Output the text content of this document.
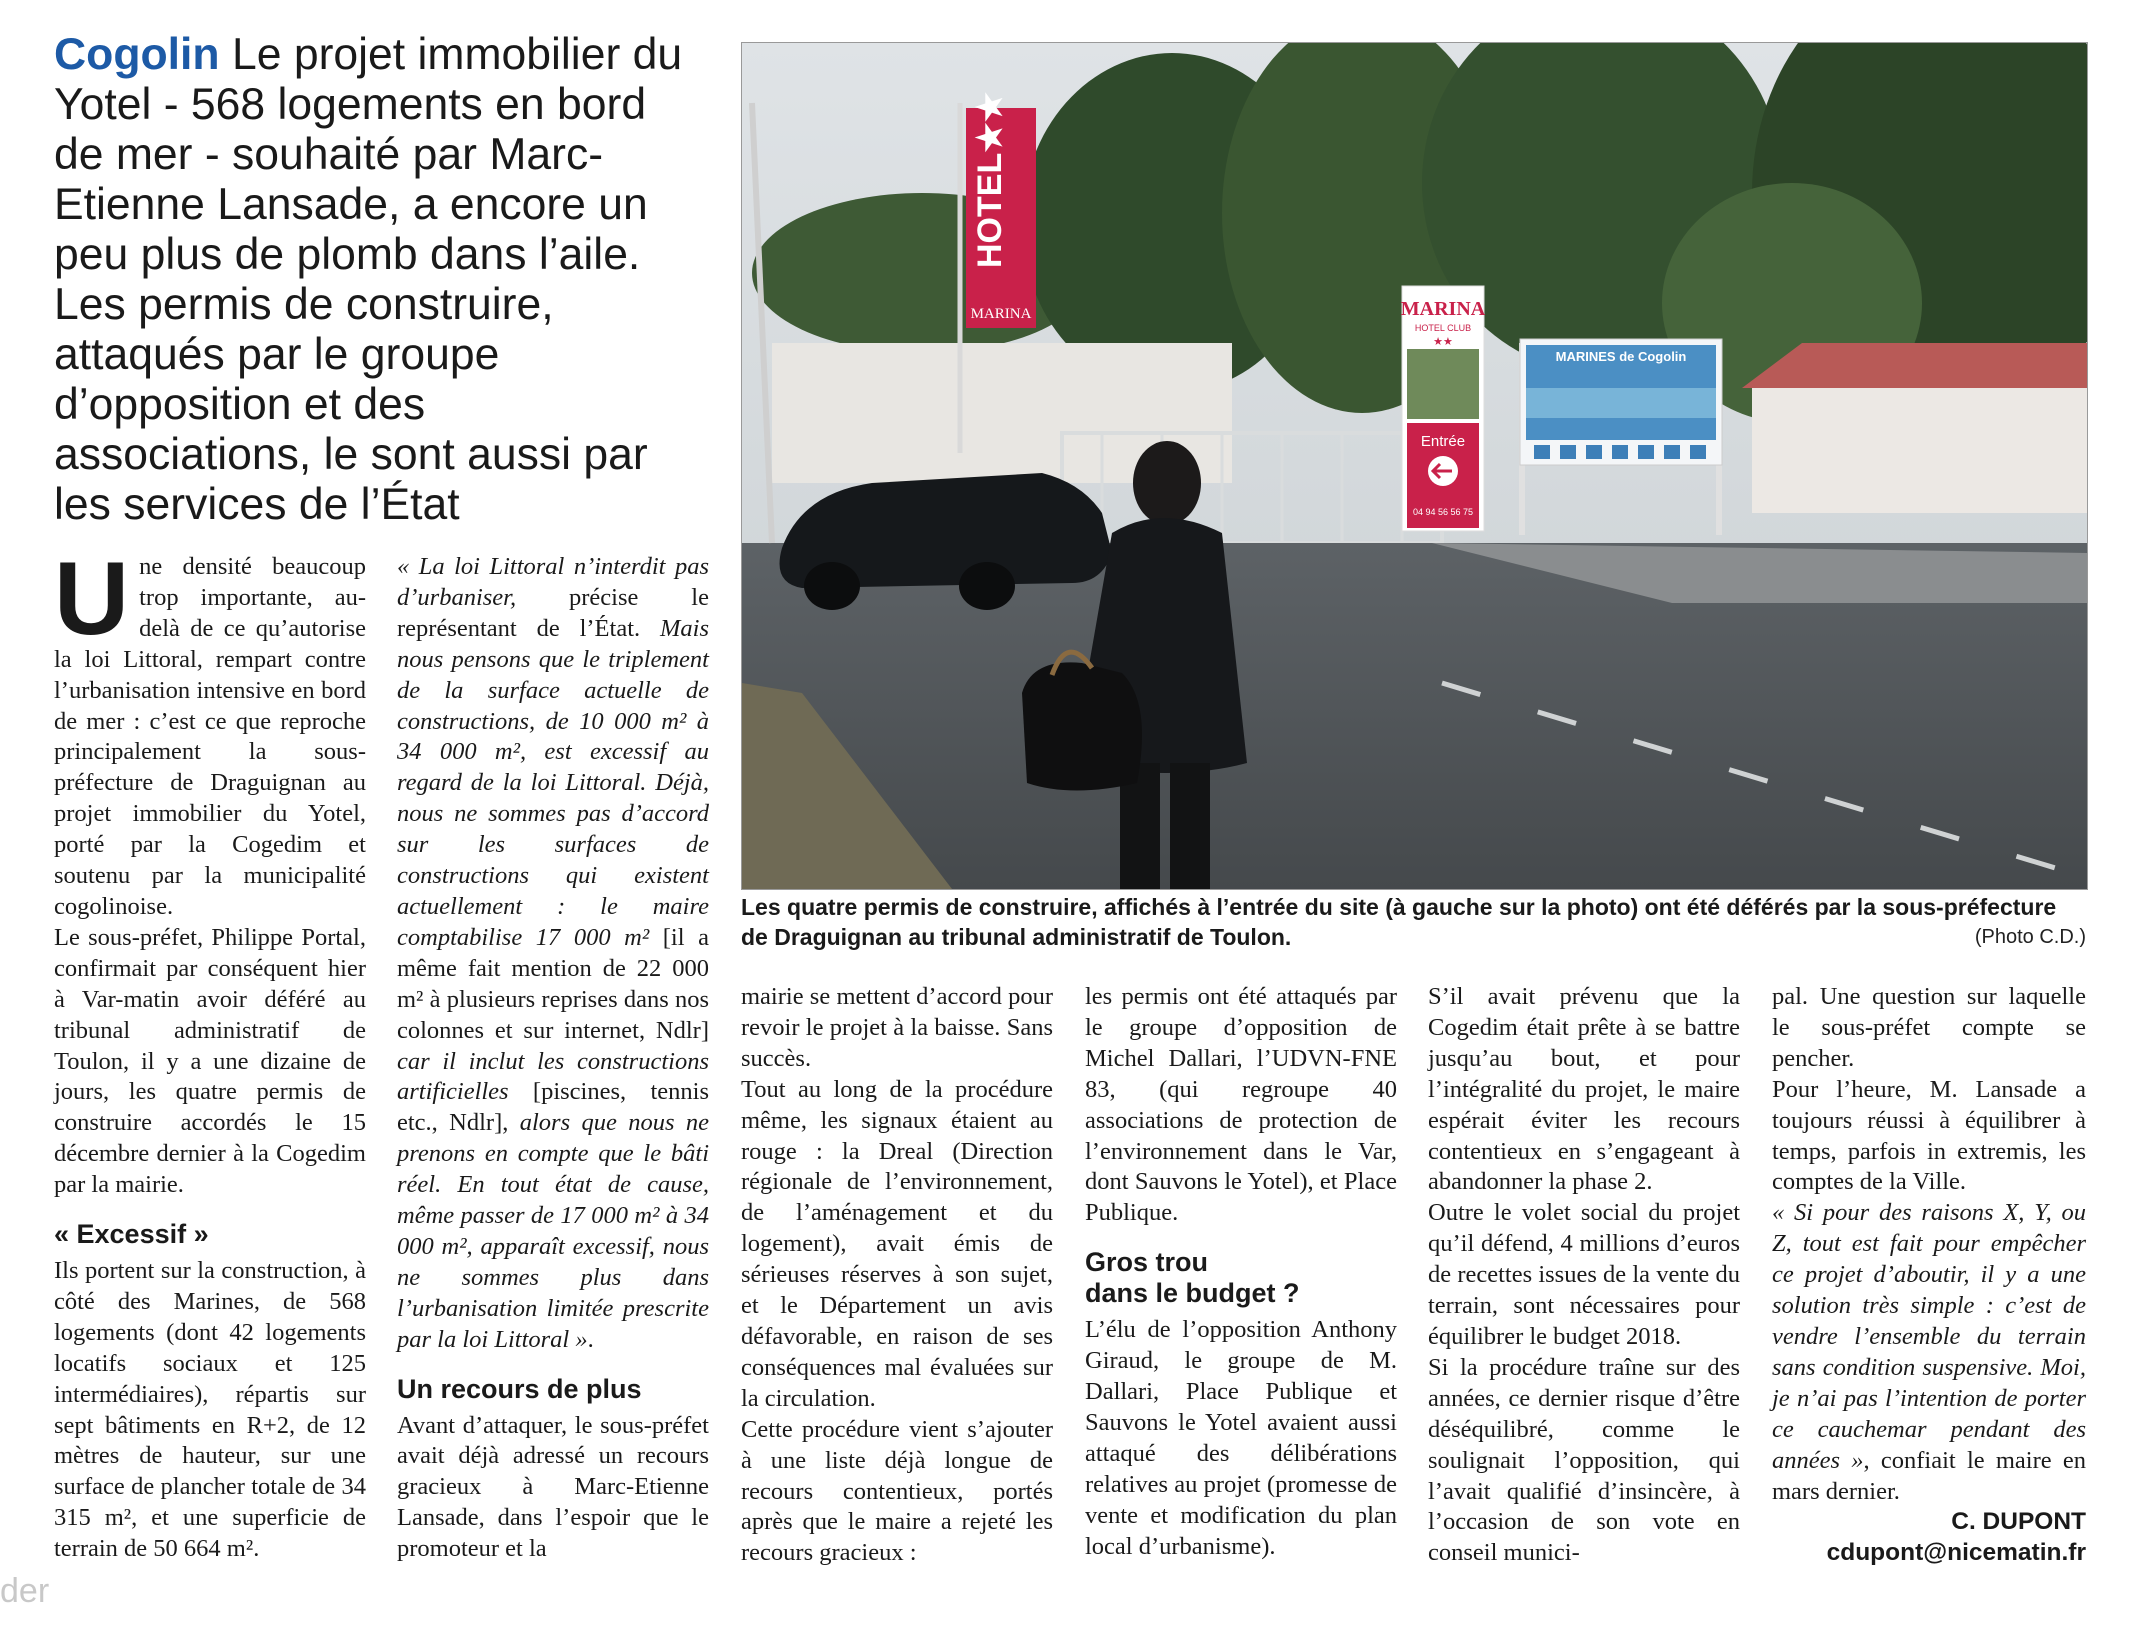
Cogolin Le projet immobilier du Yotel - 568 logements en bord de mer - souhaité par Marc-Etienne Lansade, a encore un peu plus de plomb dans l’aile. Les permis de construire, attaqués par le groupe d’opposition et des associations, le sont aussi par les services de l’État
HOTEL★★
MARINA	MARINA
HOTEL CLUB
★★
Entrée
04 94 56 56 75
MARINES de Cogolin
Les quatre permis de construire, affichés à l’entrée du site (à gauche sur la photo) ont été déférés par la sous-préfecture de Draguignan au tribunal administratif de Toulon.	(Photo C.D.)

Une densité beaucoup trop importante, au-delà de ce qu’autorise la loi Littoral, rempart contre l’urbanisation intensive en bord de mer : c’est ce que reproche principalement la sous-préfecture de Draguignan au projet immobilier du Yotel, porté par la Cogedim et soutenu par la municipalité cogolinoise.

Le sous-préfet, Philippe Portal, confirmait par conséquent hier à Var-matin avoir déféré au tribunal administratif de Toulon, il y a une dizaine de jours, les quatre permis de construire accordés le 15 décembre dernier à la Cogedim par la mairie.

« Excessif »

Ils portent sur la construction, à côté des Marines, de 568 logements (dont 42 logements locatifs sociaux et 125 intermédiaires), répartis sur sept bâtiments en R+2, de 12 mètres de hauteur, sur une surface de plancher totale de 34 315 m², et une superficie de terrain de 50 664 m².

« La loi Littoral n’interdit pas d’urbaniser, précise le représentant de l’État. Mais nous pensons que le triplement de la surface actuelle de constructions, de 10 000 m² à 34 000 m², est excessif au regard de la loi Littoral. Déjà, nous ne sommes pas d’accord sur les surfaces de constructions qui existent actuellement : le maire comptabilise 17 000 m² [il a même fait mention de 22 000 m² à plusieurs reprises dans nos colonnes et sur internet, Ndlr] car il inclut les constructions artificielles [piscines, tennis etc., Ndlr], alors que nous ne prenons en compte que le bâti réel. En tout état de cause, même passer de 17 000 m² à 34 000 m², apparaît excessif, nous ne sommes plus dans l’urbanisation limitée prescrite par la loi Littoral ».

Un recours de plus

Avant d’attaquer, le sous-préfet avait déjà adressé un recours gracieux à Marc-Etienne Lansade, dans l’espoir que le promoteur et la

mairie se mettent d’accord pour revoir le projet à la baisse. Sans succès.

Tout au long de la procédure même, les signaux étaient au rouge : la Dreal (Direction régionale de l’environnement, de l’aménagement et du logement), avait émis de sérieuses réserves à son sujet, et le Département un avis défavorable, en raison de ses conséquences mal évaluées sur la circulation.

Cette procédure vient s’ajouter à une liste déjà longue de recours contentieux, portés après que le maire a rejeté les recours gracieux :

les permis ont été attaqués par le groupe d’opposition de Michel Dallari, l’UDVN-FNE 83, (qui regroupe 40 associations de protection de l’environnement dans le Var, dont Sauvons le Yotel), et Place Publique.

Gros trou
dans le budget ?

L’élu de l’opposition Anthony Giraud, le groupe de M. Dallari, Place Publique et Sauvons le Yotel avaient aussi attaqué des délibérations relatives au projet (promesse de vente et modification du plan local d’urbanisme).

S’il avait prévenu que la Cogedim était prête à se battre jusqu’au bout, et pour l’intégralité du projet, le maire espérait éviter les recours contentieux en s’engageant à abandonner la phase 2.

Outre le volet social du projet qu’il défend, 4 millions d’euros de recettes issues de la vente du terrain, sont nécessaires pour équilibrer le budget 2018.

Si la procédure traîne sur des années, ce dernier risque d’être déséquilibré, comme le soulignait l’opposition, qui l’avait qualifié d’insincère, à l’occasion de son vote en conseil munici-

pal. Une question sur laquelle le sous-préfet compte se pencher.

Pour l’heure, M. Lansade a toujours réussi à équilibrer à temps, parfois in extremis, les comptes de la Ville.

« Si pour des raisons X, Y, ou Z, tout est fait pour empêcher ce projet d’aboutir, il y a une solution très simple : c’est de vendre l’ensemble du terrain sans condition suspensive. Moi, je n’ai pas l’intention de porter ce cauchemar pendant des années », confiait le maire en mars dernier.

C. DUPONT
cdupont@nicematin.fr
der
